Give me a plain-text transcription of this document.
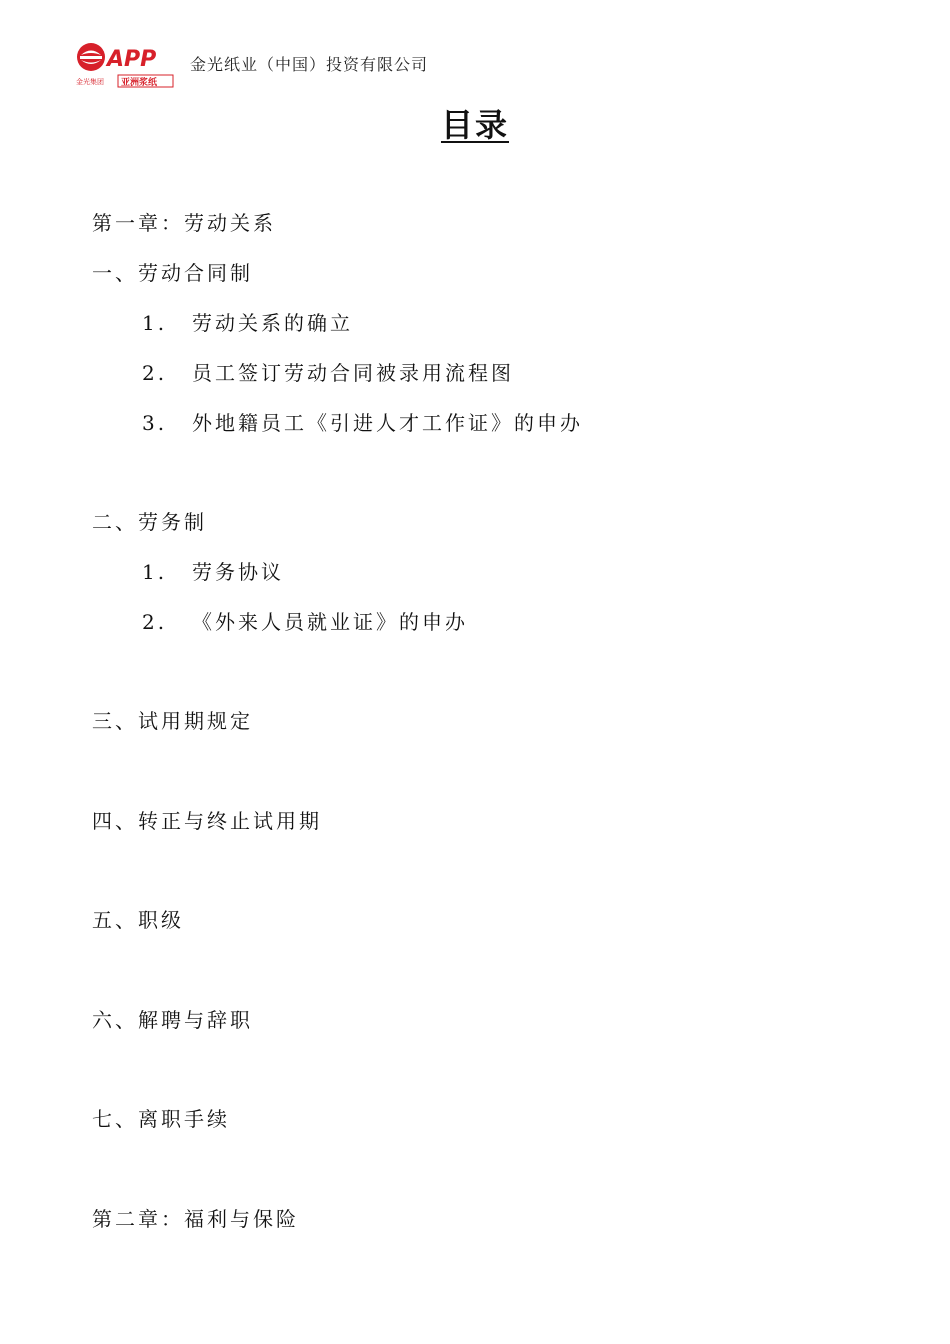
APP
金光集团 亚洲浆纸
金光纸业（中国）投资有限公司
目录
第一章：劳动关系
一、劳动合同制
1. 劳动关系的确立
2. 员工签订劳动合同被录用流程图
3. 外地籍员工《引进人才工作证》的申办
二、劳务制
1. 劳务协议
2. 《外来人员就业证》的申办
三、试用期规定
四、转正与终止试用期
五、职级
六、解聘与辞职
七、离职手续
第二章：福利与保险
